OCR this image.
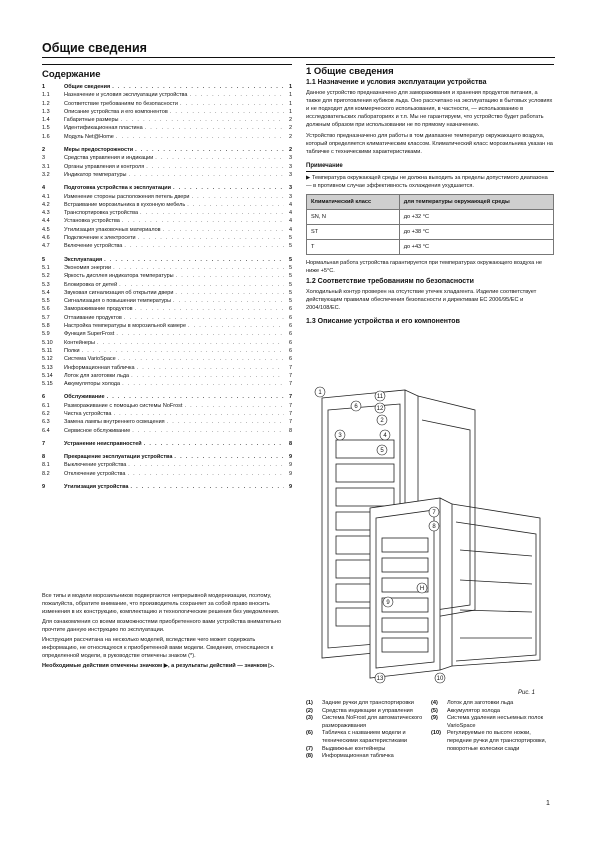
Общие сведения
Содержание
1	Общие сведения . . .	1
1.1	Назначение и условия эксплуатации устройства . . .	1
1.2	Соответствие требованиям по безопасности . . .	1
1.3	Описание устройства и его компонентов . . .	1
1.4	Габаритные размеры . . .	2
1.5	Идентификационная пластина . . .	2
1.6	Модуль Net@Home . . .	2
2	Меры предосторожности . . .	2
3	Средства управления и индикации . . .	3
3.1	Органы управления и контроля . . .	3
3.2	Индикатор температуры . . .	3
4	Подготовка устройства к эксплуатации . . .	3
4.1	Изменение стороны расположения петель двери . . .	3
4.2	Встраивание морозильника в кухонную мебель . . .	4
4.3	Транспортировка устройства . . .	4
4.4	Установка устройства . . .	4
4.5	Утилизация упаковочных материалов . . .	4
4.6	Подключение к электросети . . .	5
4.7	Включение устройства . . .	5
5	Эксплуатация . . .	5
5.1	Экономия энергии . . .	5
5.2	Яркость дисплея индикатора температуры . . .	5
5.3	Блокировка от детей . . .	5
5.4	Звуковая сигнализация об открытии двери . . .	5
5.5	Сигнализация о повышении температуры . . .	5
5.6	Замораживание продуктов . . .	6
5.7	Оттаивание продуктов . . .	6
5.8	Настройка температуры в морозильной камере . . .	6
5.9	Функция SuperFrost . . .	6
5.10	Контейнеры . . .	6
5.11	Полки . . .	6
5.12	Система VarioSpace . . .	6
5.13	Информационная табличка . . .	7
5.14	Лоток для заготовки льда . . .	7
5.15	Аккумуляторы холода . . .	7
6	Обслуживание . . .	7
6.1	Размораживание с помощью системы NoFrost . . .	7
6.2	Чистка устройства . . .	7
6.3	Замена лампы внутреннего освещения . . .	7
6.4	Сервисное обслуживание . . .	8
7	Устранение неисправностей . . .	8
8	Прекращение эксплуатации устройства . . .	9
8.1	Выключение устройства . . .	9
8.2	Отключение устройства . . .	9
9	Утилизация устройства . . .	9

Все типы и модели морозильников подвергаются непрерывной модернизации, поэтому, пожалуйста, обратите внимание, что производитель сохраняет за собой право вносить изменения в их конструкцию, комплектацию и технологические решения без уведомления.

Для ознакомления со всеми возможностями приобретенного вами устройства внимательно прочтите данную инструкцию по эксплуатации.

Инструкция рассчитана на несколько моделей, вследствие чего может содержать информацию, не относящуюся к приобретенной вами модели. Сведения, относящиеся к определенной модели, в руководстве отмечены знаком (*).

Необходимые действия отмечены значком ▶, а результаты действий — значком ▷.

1 Общие сведения
1.1 Назначение и условия эксплуатации устройства

Данное устройство предназначено для замораживания и хранения продуктов питания, а также для приготовления кубиков льда. Оно рассчитано на эксплуатацию в бытовых условиях и не подходит для коммерческого использования, в частности, — использованию в исследовательских лабораториях и т.п. Мы не гарантируем, что устройство будет работать должным образом при использовании не по прямому назначению.

Устройство предназначено для работы в том диапазоне температур окружающего воздуха, который определяется климатическим классом. Климатический класс морозильника указан на табличке с техническими характеристиками.

Примечание

▶ Температура окружающей среды не должна выходить за пределы допустимого диапазона — в противном случае эффективность охлаждения ухудшается.

Климатический класс	для температуры окружающей среды
SN, N	до +32 °C
ST	до +38 °C
T	до +43 °C

Нормальная работа устройства гарантируется при температурах окружающего воздуха не ниже +5°C.

1.2 Соответствие требованиям по безопасности

Холодильный контур проверен на отсутствие утечек хладагента. Изделие соответствует действующим правилам обеспечения безопасности и директивам ЕС 2006/95/EC и 2004/108/EC.

1.3 Описание устройства и его компонентов
1
2
3	4
5
6
7
8
9
10
11
12
13
H
Рис. 1
(1)	Задние ручки для транспортировки
(2)	Средства индикации и управления
(3)	Система NoFrost для автоматического размораживания
(6)	Табличка с названием модели и техническими характеристиками
(7)	Выдвижные контейнеры
(8)	Информационная табличка
(4)	Лоток для заготовки льда
(5)	Аккумулятор холода
(9)	Система удаления несъемных полок VarioSpace
(10)	Регулируемые по высоте ножки, передние ручки для транспортировки, поворотные колесики сзади
1
